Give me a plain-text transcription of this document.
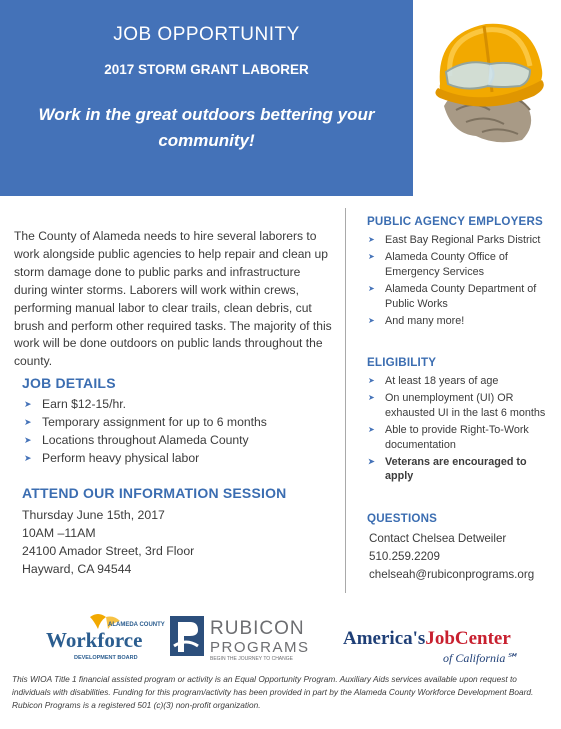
JOB OPPORTUNITY
2017 STORM GRANT LABORER
Work in the great outdoors bettering your community!
The County of Alameda needs to hire several laborers to work alongside public agencies to help repair and clean up storm damage done to public parks and infrastructure during winter storms. Laborers will work within crews, performing manual labor to clear trails, clean debris, cut brush and perform other required tasks. The majority of this work will be done outdoors on public lands throughout the county.
JOB DETAILS
➤ Earn $12-15/hr.
➤ Temporary assignment for up to 6 months
➤ Locations throughout Alameda County
➤ Perform heavy physical labor
ATTEND OUR INFORMATION SESSION
Thursday June 15th, 2017
10AM –11AM
24100 Amador Street, 3rd Floor
Hayward, CA 94544
PUBLIC AGENCY EMPLOYERS
➤ East Bay Regional Parks District
➤ Alameda County Office of Emergency Services
➤ Alameda County Department of Public Works
➤ And many more!
ELIGIBILITY
➤ At least 18 years of age
➤ On unemployment (UI) OR exhausted UI in the last 6 months
➤ Able to provide Right-To-Work documentation
➤ Veterans are encouraged to apply
QUESTIONS
Contact Chelsea Detweiler
510.259.2209
chelseah@rubiconprograms.org
ALAMEDA COUNTY
Workforce
DEVELOPMENT BOARD
RUBICON
PROGRAMS
BEGIN THE JOURNEY TO CHANGE
America'sJobCenter
of California℠
This WIOA Title 1 financial assisted program or activity is an Equal Opportunity Program. Auxiliary Aids services available upon request to individuals with disabilities. Funding for this program/activity has been provided in part by the Alameda County Workforce Development Board. Rubicon Programs is a registered 501 (c)(3) non-profit organization.
